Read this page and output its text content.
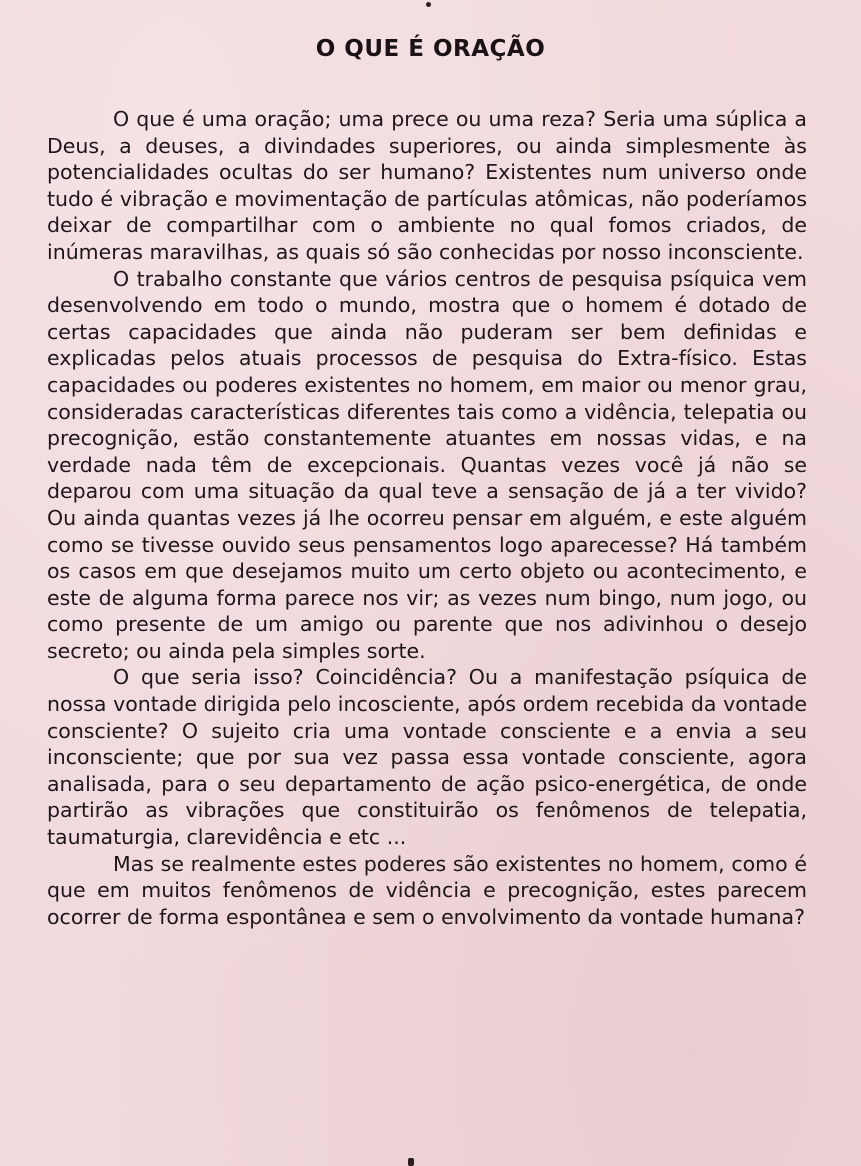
O QUE É ORAÇÃO

O que é uma oração; uma prece ou uma reza? Seria uma súplica a Deus, a deuses, a divindades superiores, ou ainda simplesmente às potencialidades ocultas do ser humano? Existentes num universo onde tudo é vibração e movimentação de partículas atômicas, não poderíamos deixar de compartilhar com o ambiente no qual fomos criados, de inúmeras maravilhas, as quais só são conhecidas por nosso inconsciente.

O trabalho constante que vários centros de pesquisa psíquica vem desenvolvendo em todo o mundo, mostra que o homem é dotado de certas capacidades que ainda não puderam ser bem definidas e explicadas pelos atuais processos de pesquisa do Extra-físico. Estas capacidades ou poderes existentes no homem, em maior ou menor grau, consideradas características diferentes tais como a vidência, telepatia ou precognição, estão constantemente atuantes em nossas vidas, e na verdade nada têm de excepcionais. Quantas vezes você já não se deparou com uma situação da qual teve a sensação de já a ter vivido? Ou ainda quantas vezes já lhe ocorreu pensar em alguém, e este alguém como se tivesse ouvido seus pensamentos logo aparecesse? Há também os casos em que desejamos muito um certo objeto ou acontecimento, e este de alguma forma parece nos vir; as vezes num bingo, num jogo, ou como presente de um amigo ou parente que nos adivinhou o desejo secreto; ou ainda pela simples sorte.

O que seria isso? Coincidência? Ou a manifestação psíquica de nossa vontade dirigida pelo incosciente, após ordem recebida da vontade consciente? O sujeito cria uma vontade consciente e a envia a seu inconsciente; que por sua vez passa essa vontade consciente, agora analisada, para o seu departamento de ação psico-energética, de onde partirão as vibrações que constituirão os fenômenos de telepatia, taumaturgia, clarevidência e etc ...

Mas se realmente estes poderes são existentes no homem, como é que em muitos fenômenos de vidência e precognição, estes parecem ocorrer de forma espontânea e sem o envolvimento da vontade humana?
